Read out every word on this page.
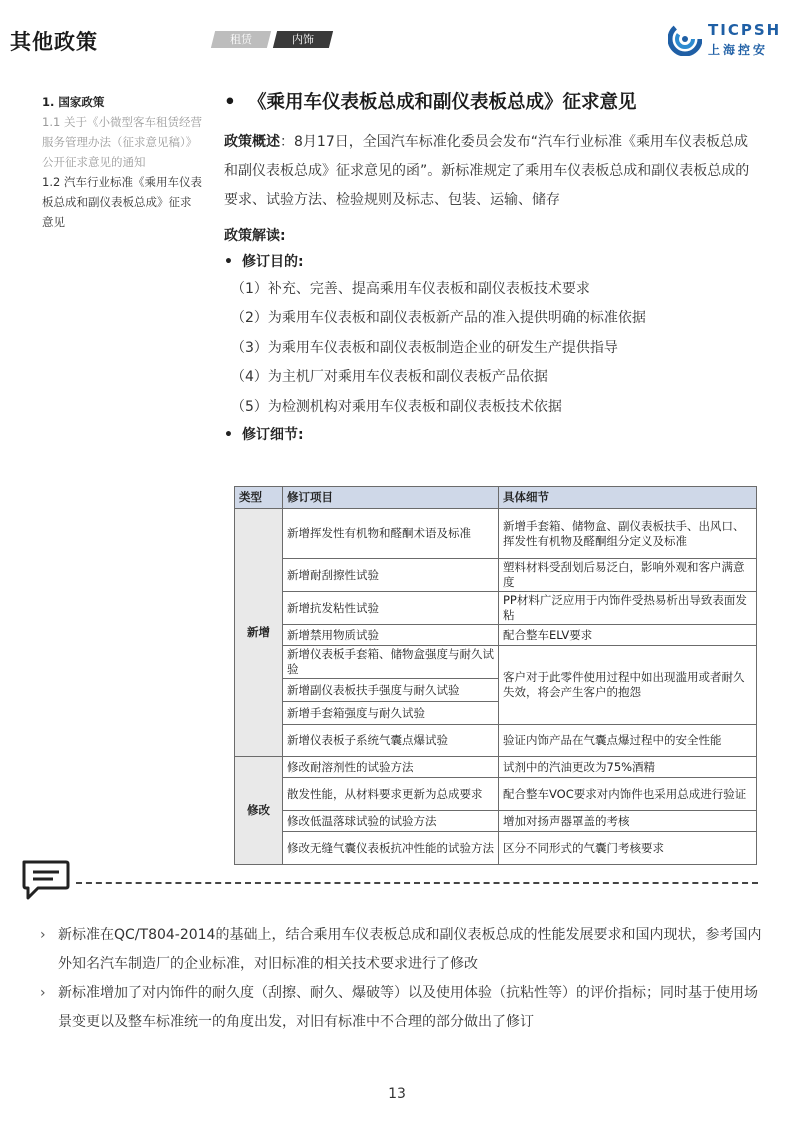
其他政策	租赁	内饰
TICPSH
上海控安
1. 国家政策
1.1 关于《小微型客车租赁经营服务管理办法（征求意见稿）》公开征求意见的通知
1.2 汽车行业标准《乘用车仪表板总成和副仪表板总成》征求意见
• 《乘用车仪表板总成和副仪表板总成》征求意见
政策概述：8月17日，全国汽车标准化委员会发布“汽车行业标准《乘用车仪表板总成和副仪表板总成》征求意见的函”。新标准规定了乘用车仪表板总成和副仪表板总成的要求、试验方法、检验规则及标志、包装、运输、储存
政策解读:
• 修订目的:
（1）补充、完善、提高乘用车仪表板和副仪表板技术要求
（2）为乘用车仪表板和副仪表板新产品的准入提供明确的标准依据
（3）为乘用车仪表板和副仪表板制造企业的研发生产提供指导
（4）为主机厂对乘用车仪表板和副仪表板产品依据
（5）为检测机构对乘用车仪表板和副仪表板技术依据
• 修订细节:
类型	修订项目	具体细节
新增	新增挥发性有机物和醛酮术语及标准	新增手套箱、储物盒、副仪表板扶手、出风口、
挥发性有机物及醛酮组分定义及标准
	新增耐刮擦性试验	塑料材料受刮划后易泛白，影响外观和客户满意度
	新增抗发粘性试验	PP材料广泛应用于内饰件受热易析出导致表面发粘
	新增禁用物质试验	配合整车ELV要求
	新增仪表板手套箱、储物盒强度与耐久试验	客户对于此零件使用过程中如出现滥用或者耐久失效，将会产生客户的抱怨
	新增副仪表板扶手强度与耐久试验	
	新增手套箱强度与耐久试验	
	新增仪表板子系统气囊点爆试验	验证内饰产品在气囊点爆过程中的安全性能
修改	修改耐溶剂性的试验方法	试剂中的汽油更改为75%酒精
	散发性能，从材料要求更新为总成要求	配合整车VOC要求对内饰件也采用总成进行验证
	修改低温落球试验的试验方法	增加对扬声器罩盖的考核
	修改无缝气囊仪表板抗冲性能的试验方法	区分不同形式的气囊门考核要求
› 新标准在QC/T804-2014的基础上，结合乘用车仪表板总成和副仪表板总成的性能发展要求和国内现状，参考国内外知名汽车制造厂的企业标准，对旧标准的相关技术要求进行了修改
› 新标准增加了对内饰件的耐久度（刮擦、耐久、爆破等）以及使用体验（抗粘性等）的评价指标；同时基于使用场景变更以及整车标准统一的角度出发，对旧有标准中不合理的部分做出了修订
13
